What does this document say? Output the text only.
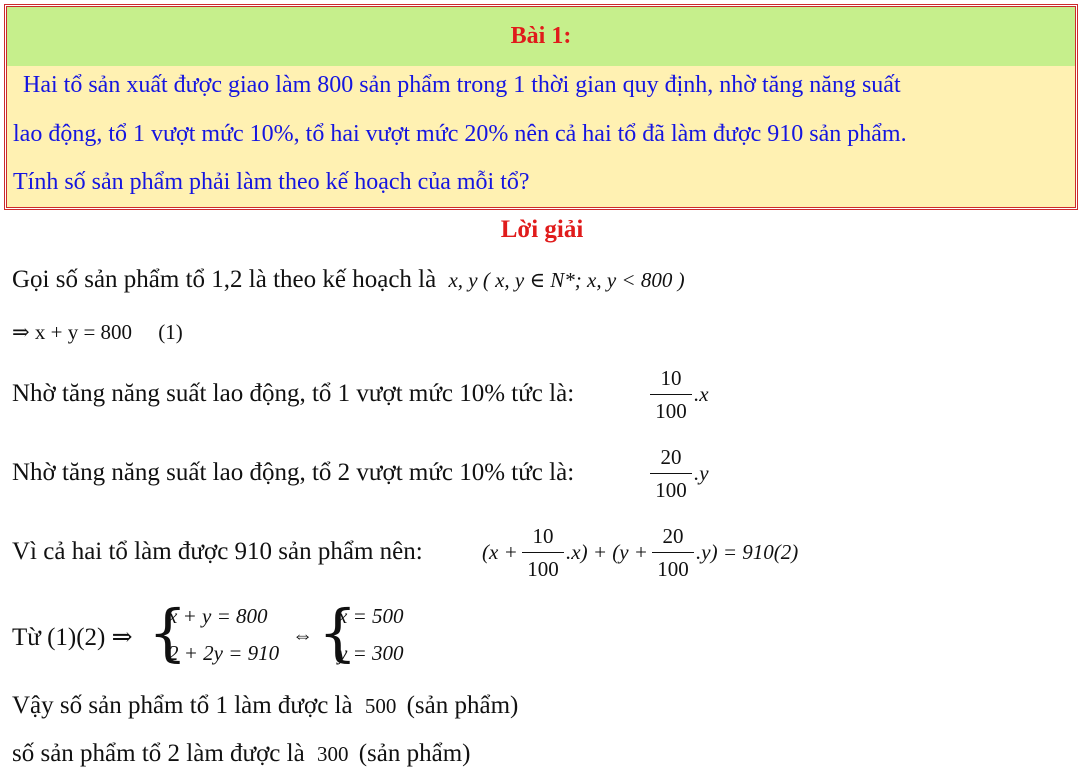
Bài 1:
Hai tổ sản xuất được giao làm 800 sản phẩm trong 1 thời gian quy định, nhờ tăng năng suất
lao động, tổ 1 vượt mức 10%, tổ hai vượt mức 20% nên cả hai tổ đã làm được 910 sản phẩm.
Tính số sản phẩm phải làm theo kế hoạch của mỗi tổ?
Lời giải
Gọi số sản phẩm tổ 1,2 là theo kế hoạch là x, y ( x, y ∈ N*; x, y < 800 )
⇒ x + y = 800 (1)
Nhờ tăng năng suất lao động, tổ 1 vượt mức 10% tức là:
10
100
.x
Nhờ tăng năng suất lao động, tổ 2 vượt mức 10% tức là:
20
100
.y
Vì cả hai tổ làm được 910 sản phẩm nên:	(x +
10
100
.x) + (y +
20
100
.y) = 910(2)
Từ (1)(2) ⇒ {
x + y = 800
2 + 2y = 910
⇔ {
x = 500
y = 300
Vậy số sản phẩm tổ 1 làm được là 500 (sản phẩm)
số sản phẩm tổ 2 làm được là 300 (sản phẩm)
